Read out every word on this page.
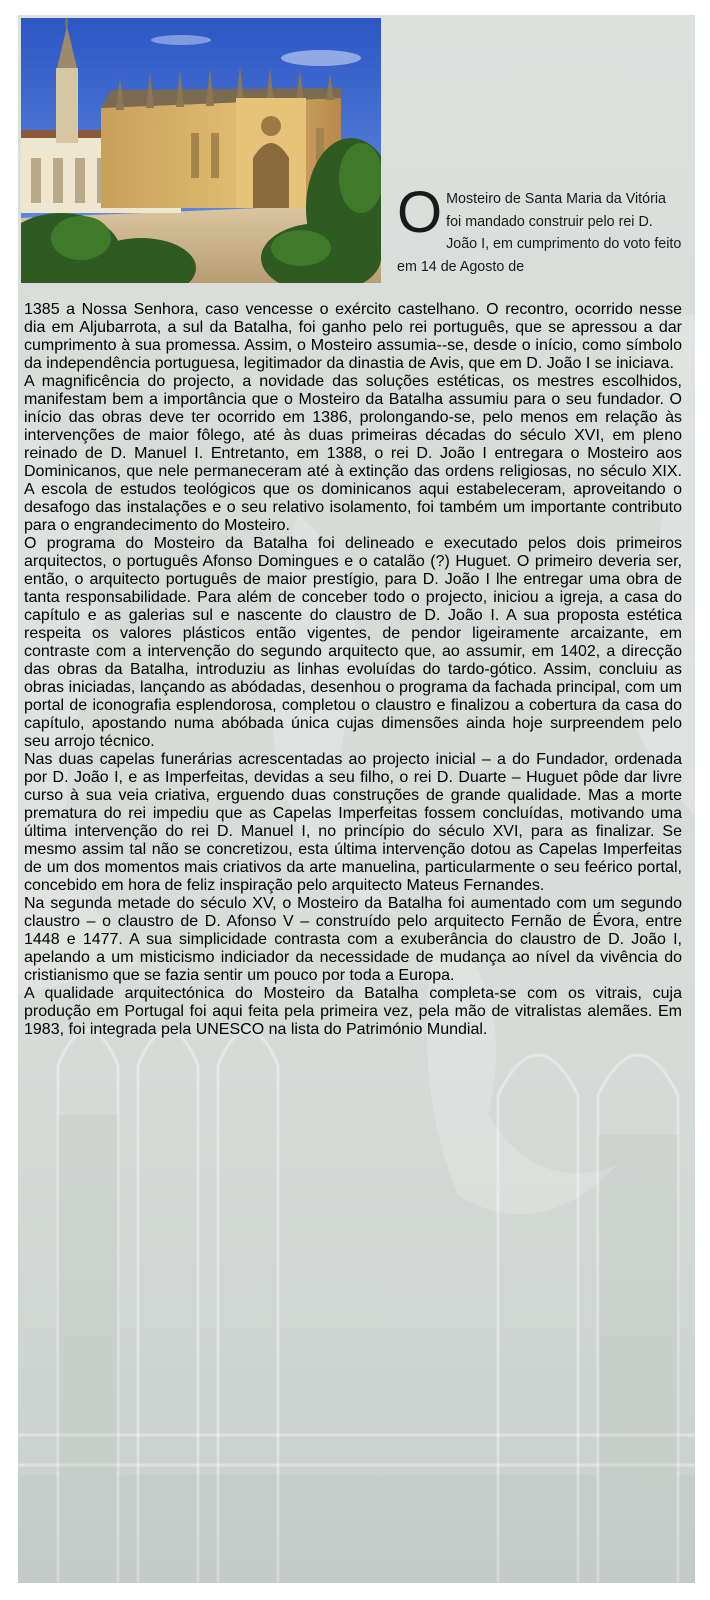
O Mosteiro de Santa Maria da Vitória foi mandado construir pelo rei D. João I, em cumprimento do voto feito em 14 de Agosto de

1385 a Nossa Senhora, caso vencesse o exército castelhano. O recontro, ocorrido nesse dia em Aljubarrota, a sul da Batalha, foi ganho pelo rei português, que se apressou a dar cumprimento à sua promessa. Assim, o Mosteiro assumia--se, desde o início, como símbolo da independência portuguesa, legitimador da dinastia de Avis, que em D. João I se iniciava.

A magnificência do projecto, a novidade das soluções estéticas, os mestres escolhidos, manifestam bem a importância que o Mosteiro da Batalha assumiu para o seu fundador. O início das obras deve ter ocorrido em 1386, prolongando-se, pelo menos em relação às intervenções de maior fôlego, até às duas primeiras décadas do século XVI, em pleno reinado de D. Manuel I. Entretanto, em 1388, o rei D. João I entregara o Mosteiro aos Dominicanos, que nele permaneceram até à extinção das ordens religiosas, no século XIX. A escola de estudos teológicos que os dominicanos aqui estabeleceram, aproveitando o desafogo das instalações e o seu relativo isolamento, foi também um importante contributo para o engrandecimento do Mosteiro.

O programa do Mosteiro da Batalha foi delineado e executado pelos dois primeiros arquitectos, o português Afonso Domingues e o catalão (?) Huguet. O primeiro deveria ser, então, o arquitecto português de maior prestígio, para D. João I lhe entregar uma obra de tanta responsabilidade. Para além de conceber todo o projecto, iniciou a igreja, a casa do capítulo e as galerias sul e nascente do claustro de D. João I. A sua proposta estética respeita os valores plásticos então vigentes, de pendor ligeiramente arcaizante, em contraste com a intervenção do segundo arquitecto que, ao assumir, em 1402, a direcção das obras da Batalha, introduziu as linhas evoluídas do tardo-gótico. Assim, concluiu as obras iniciadas, lançando as abódadas, desenhou o programa da fachada principal, com um portal de iconografia esplendorosa, completou o claustro e finalizou a cobertura da casa do capítulo, apostando numa abóbada única cujas dimensões ainda hoje surpreendem pelo seu arrojo técnico.

Nas duas capelas funerárias acrescentadas ao projecto inicial – a do Fundador, ordenada por D. João I, e as Imperfeitas, devidas a seu filho, o rei D. Duarte – Huguet pôde dar livre curso à sua veia criativa, erguendo duas construções de grande qualidade. Mas a morte prematura do rei impediu que as Capelas Imperfeitas fossem concluídas, motivando uma última intervenção do rei D. Manuel I, no princípio do século XVI, para as finalizar. Se mesmo assim tal não se concretizou, esta última intervenção dotou as Capelas Imperfeitas de um dos momentos mais criativos da arte manuelina, particularmente o seu feérico portal, concebido em hora de feliz inspiração pelo arquitecto Mateus Fernandes.

Na segunda metade do século XV, o Mosteiro da Batalha foi aumentado com um segundo claustro – o claustro de D. Afonso V – construído pelo arquitecto Fernão de Évora, entre 1448 e 1477. A sua simplicidade contrasta com a exuberância do claustro de D. João I, apelando a um misticismo indiciador da necessidade de mudança ao nível da vivência do cristianismo que se fazia sentir um pouco por toda a Europa.

A qualidade arquitectónica do Mosteiro da Batalha completa-se com os vitrais, cuja produção em Portugal foi aqui feita pela primeira vez, pela mão de vitralistas alemães. Em 1983, foi integrada pela UNESCO na lista do Património Mundial.
